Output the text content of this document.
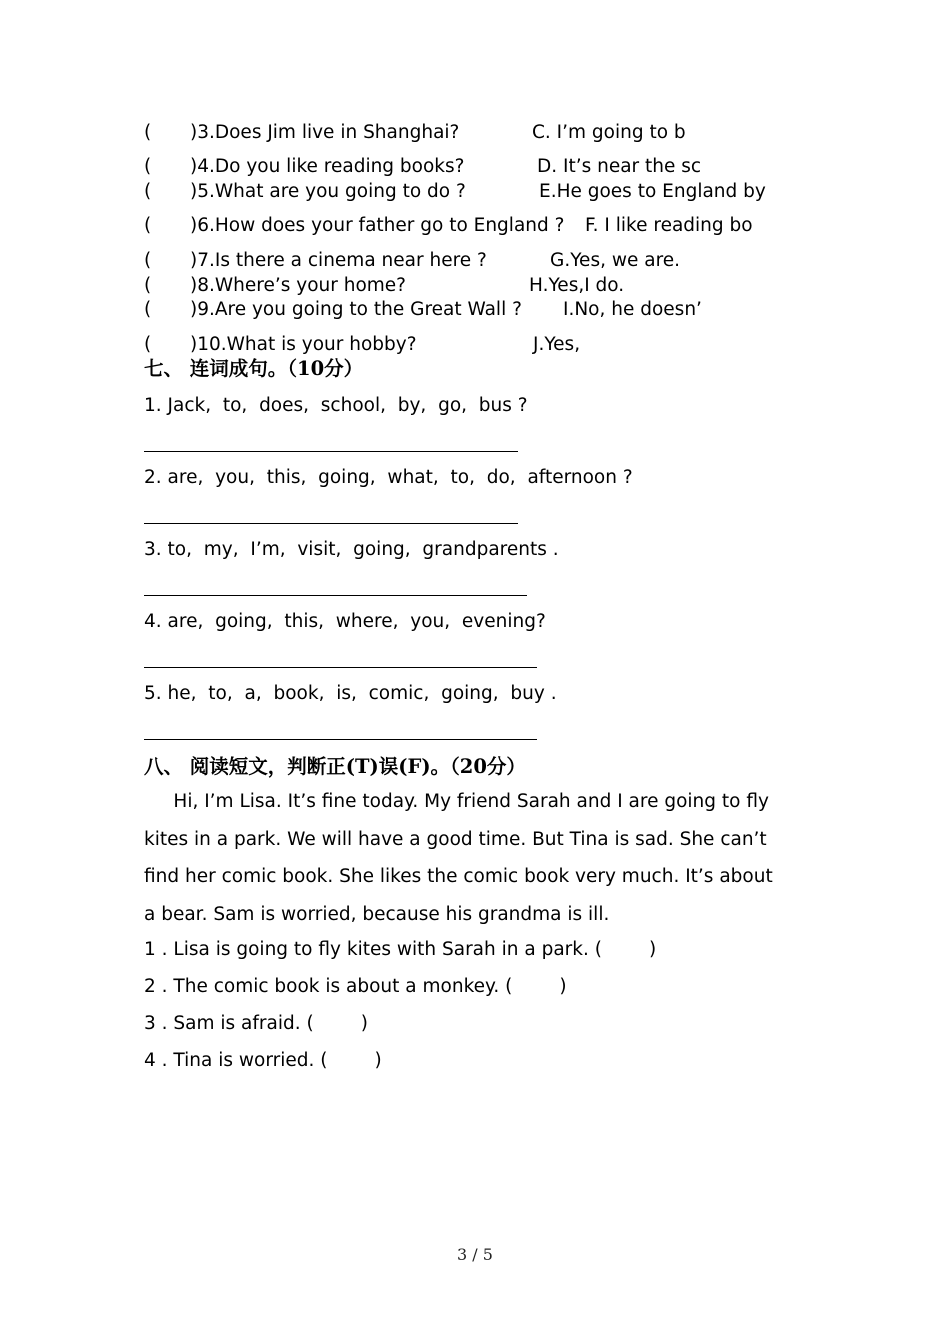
( )3.Does Jim live in Shanghai?	C. I’m going to b
( )4.Do you like reading books?	D. It’s near the sc
( )5.What are you going to do ?	E.He goes to England by
( )6.How does your father go to England ? F. I like reading bo
( )7.Is there a cinema near here ?	G.Yes, we are.
( )8.Where’s your home?	H.Yes,I do.
( )9.Are you going to the Great Wall ? I.No, he doesn’
( )10.What is your hobby?	J.Yes,
七、 连词成句。（10分）
1. Jack,  to,  does,  school,  by,  go,  bus ?
2. are,  you,  this,  going,  what,  to,  do,  afternoon ?
3. to,  my,  I’m,  visit,  going,  grandparents .
4. are,  going,  this,  where,  you,  evening?
5. he,  to,  a,  book,  is,  comic,  going,  buy .
八、 阅读短文，判断正(T)误(F)。（20分）
Hi, I’m Lisa. It’s fine today. My friend Sarah and I are going to fly
kites in a park. We will have a good time. But Tina is sad. She can’t
find her comic book. She likes the comic book very much. It’s about
a bear. Sam is worried, because his grandma is ill.
1 . Lisa is going to fly kites with Sarah in a park. (        )
2 . The comic book is about a monkey. (        )
3 . Sam is afraid. (        )
4 . Tina is worried. (        )
3 / 5
